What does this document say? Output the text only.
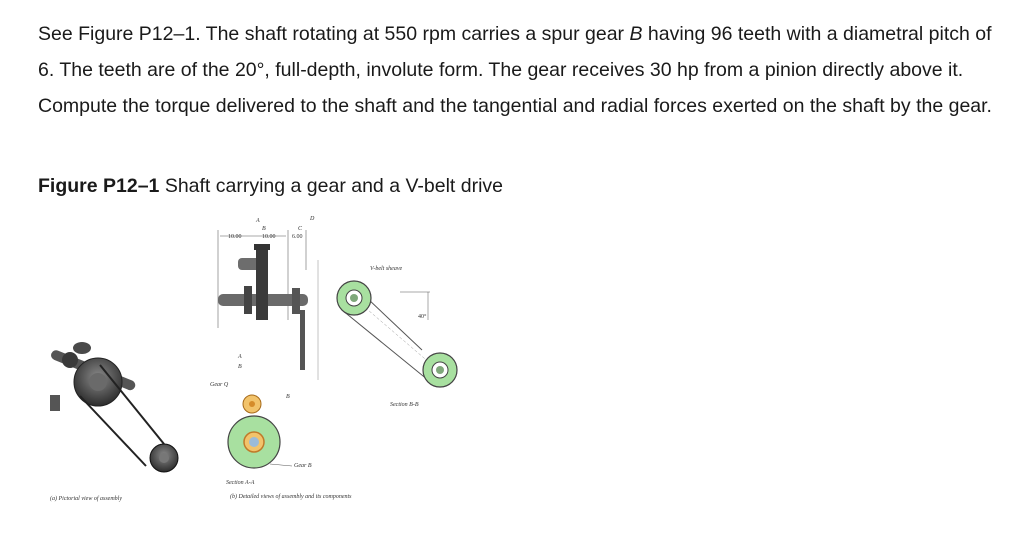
See Figure P12–1. The shaft rotating at 550 rpm carries a spur gear B having 96 teeth with a diametral pitch of 6. The teeth are of the 20°, full-depth, involute form. The gear receives 30 hp from a pinion directly above it. Compute the torque delivered to the shaft and the tangential and radial forces exerted on the shaft by the gear.

Figure P12–1 Shaft carrying a gear and a V-belt drive
(a) Pictorial view of assembly
10.00	10.00	6.00
A
B	C
D
A
B
B
Gear Q
Gear B
Section A-A
(b) Detailed views of assembly and its components
V-belt sheave
40°
Section B-B
